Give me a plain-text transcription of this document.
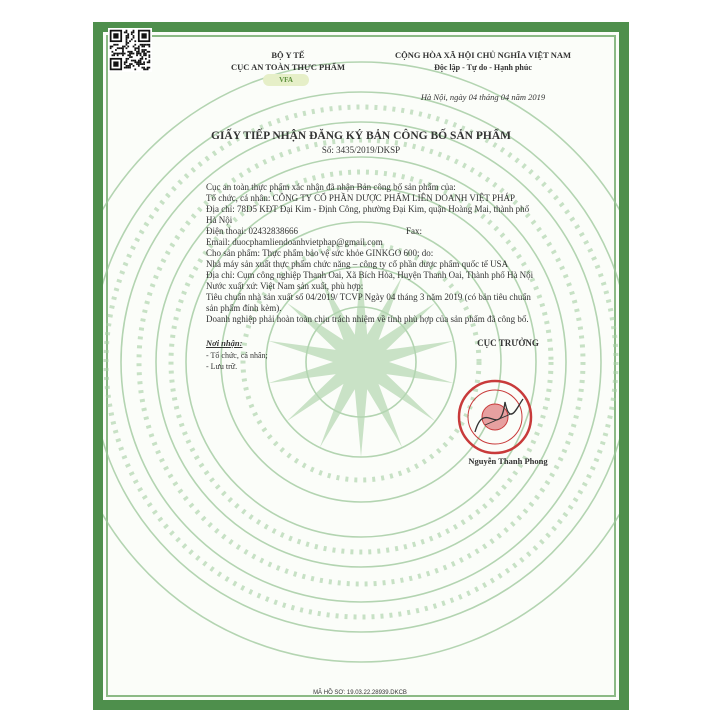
BỘ Y TẾ
CỤC AN TOÀN THỰC PHẨM
VFA
CỘNG HÒA XÃ HỘI CHỦ NGHĨA VIỆT NAM
Độc lập - Tự do - Hạnh phúc
Hà Nội, ngày 04 tháng 04 năm 2019
GIẤY TIẾP NHẬN ĐĂNG KÝ BẢN CÔNG BỐ SẢN PHẨM
Số: 3435/2019/DKSP
Cục an toàn thực phẩm xác nhận đã nhận Bản công bố sản phẩm của:
Tổ chức, cá nhân: CÔNG TY CỔ PHẦN DƯỢC PHẨM LIÊN DOANH VIỆT PHÁP
Địa chỉ: 78D5 KĐT Đại Kim - Định Công, phường Đại Kim, quận Hoàng Mai, thành phố
Hà Nội
Điện thoại: 02432838666	Fax:
Email: duocphamliendoanhvietphap@gmail.com
Cho sản phẩm: Thực phẩm bảo vệ sức khỏe GINKGO 600; do:
Nhà máy sản xuất thực phẩm chức năng – công ty cổ phần dược phẩm quốc tế USA
Địa chỉ: Cụm công nghiệp Thanh Oai, Xã Bích Hòa, Huyện Thanh Oai, Thành phố Hà Nội
Nước xuất xứ: Việt Nam sản xuất, phù hợp:
Tiêu chuẩn nhà sản xuất số 04/2019/ TCVP Ngày 04 tháng 3 năm 2019 (có bản tiêu chuẩn
sản phẩm đính kèm).
Doanh nghiệp phải hoàn toàn chịu trách nhiệm về tính phù hợp của sản phẩm đã công bố.
Nơi nhận:
- Tổ chức, cá nhân;
- Lưu trữ.
CỤC TRƯỞNG
Nguyễn Thanh Phong
MÃ HỒ SƠ: 19.03.22.28939.DKCB
